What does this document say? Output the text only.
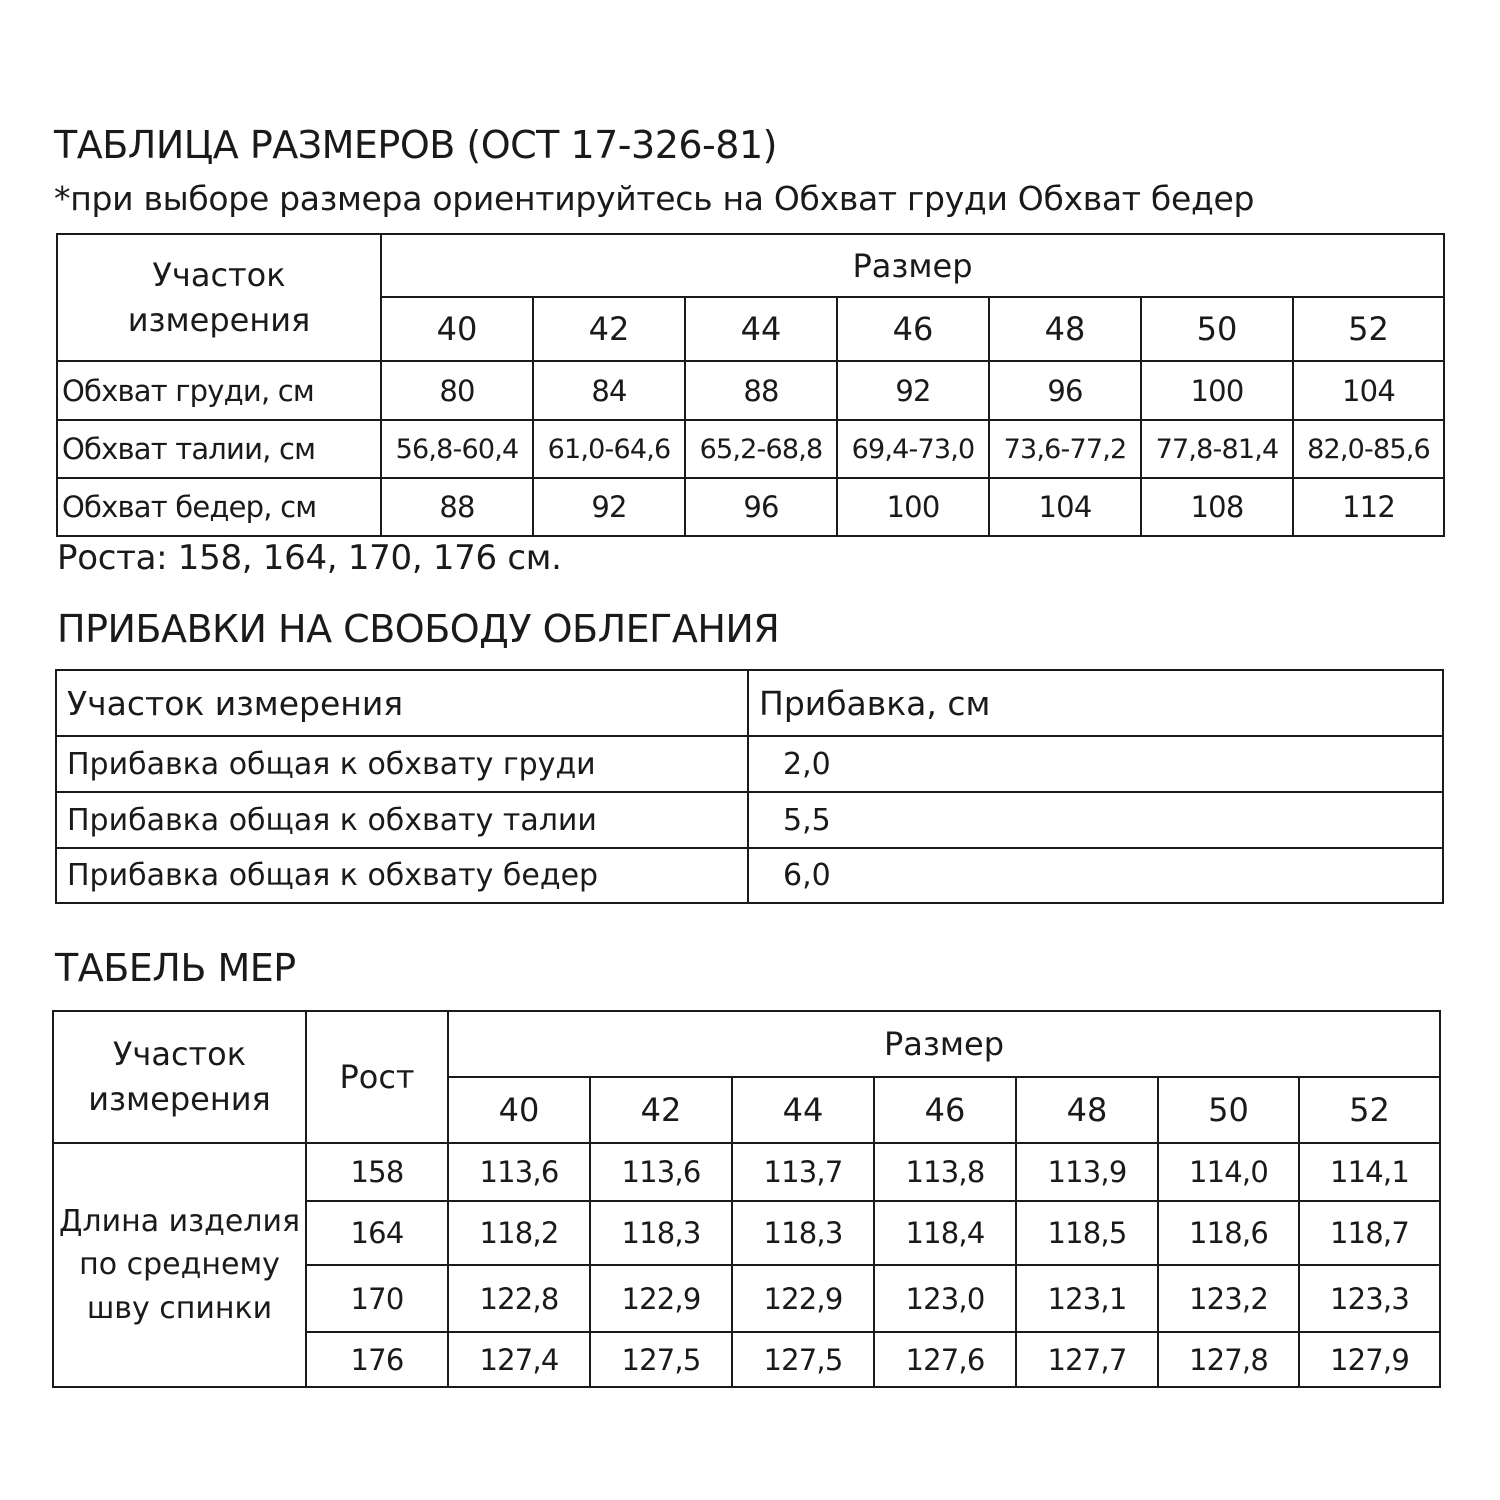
ТАБЛИЦА РАЗМЕРОВ (ОСТ 17-326-81)
*при выборе размера ориентируйтесь на Обхват груди Обхват бедер
Участок
измерения	Размер						
	40	42	44	46	48	50	52
Обхват груди, см	80	84	88	92	96	100	104
Обхват талии, см	56,8-60,4	61,0-64,6	65,2-68,8	69,4-73,0	73,6-77,2	77,8-81,4	82,0-85,6
Обхват бедер, см	88	92	96	100	104	108	112
Роста: 158, 164, 170, 176 см.
ПРИБАВКИ НА СВОБОДУ ОБЛЕГАНИЯ
Участок измерения	Прибавка, см
Прибавка общая к обхвату груди	2,0
Прибавка общая к обхвату талии	5,5
Прибавка общая к обхвату бедер	6,0
ТАБЕЛЬ МЕР
Участок
измерения	Рост	Размер						
		40	42	44	46	48	50	52

Длина изделия
по среднему
шву спинки	158	113,6	113,6	113,7	113,8	113,9	114,0	114,1
	164	118,2	118,3	118,3	118,4	118,5	118,6	118,7
	170	122,8	122,9	122,9	123,0	123,1	123,2	123,3
	176	127,4	127,5	127,5	127,6	127,7	127,8	127,9
